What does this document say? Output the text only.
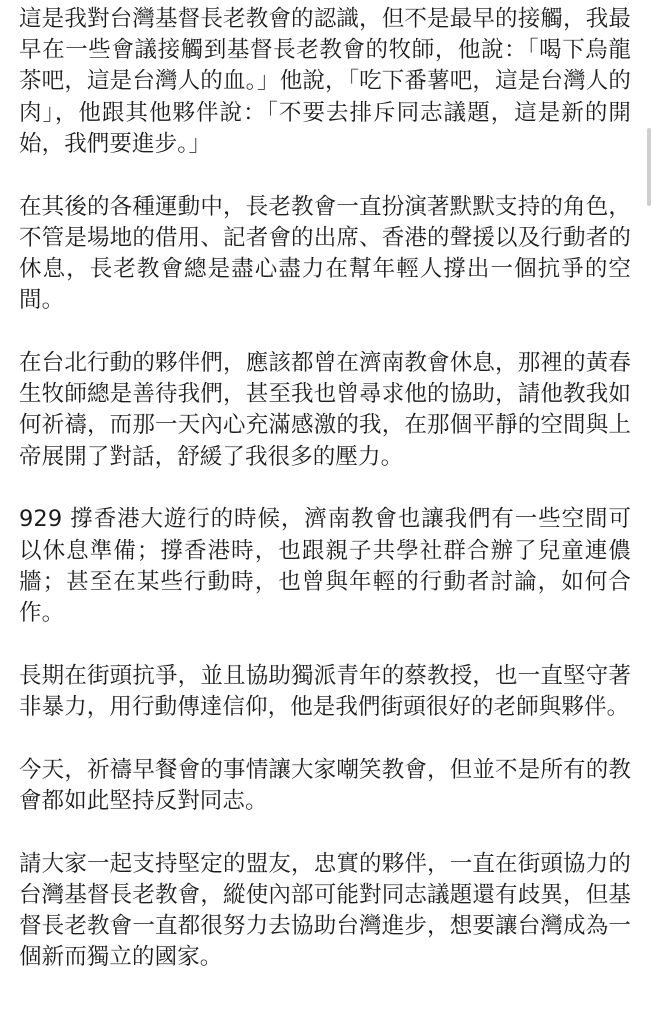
這是我對台灣基督長老教會的認識，但不是最早的接觸，我最早在一些會議接觸到基督長老教會的牧師，他說：「喝下烏龍茶吧，這是台灣人的血。」他說，「吃下番薯吧，這是台灣人的肉」，他跟其他夥伴說：「不要去排斥同志議題，這是新的開始，我們要進步。」

在其後的各種運動中，長老教會一直扮演著默默支持的角色，不管是場地的借用、記者會的出席、香港的聲援以及行動者的休息，長老教會總是盡心盡力在幫年輕人撐出一個抗爭的空間。

在台北行動的夥伴們，應該都曾在濟南教會休息，那裡的黃春生牧師總是善待我們，甚至我也曾尋求他的協助，請他教我如何祈禱，而那一天內心充滿感激的我，在那個平靜的空間與上帝展開了對話，舒緩了我很多的壓力。

929 撐香港大遊行的時候，濟南教會也讓我們有一些空間可以休息準備；撐香港時，也跟親子共學社群合辦了兒童連儂牆；甚至在某些行動時，也曾與年輕的行動者討論，如何合作。

長期在街頭抗爭，並且協助獨派青年的蔡教授，也一直堅守著非暴力，用行動傳達信仰，他是我們街頭很好的老師與夥伴。

今天，祈禱早餐會的事情讓大家嘲笑教會，但並不是所有的教會都如此堅持反對同志。

請大家一起支持堅定的盟友，忠實的夥伴，一直在街頭協力的台灣基督長老教會，縱使內部可能對同志議題還有歧異，但基督長老教會一直都很努力去協助台灣進步，想要讓台灣成為一個新而獨立的國家。
